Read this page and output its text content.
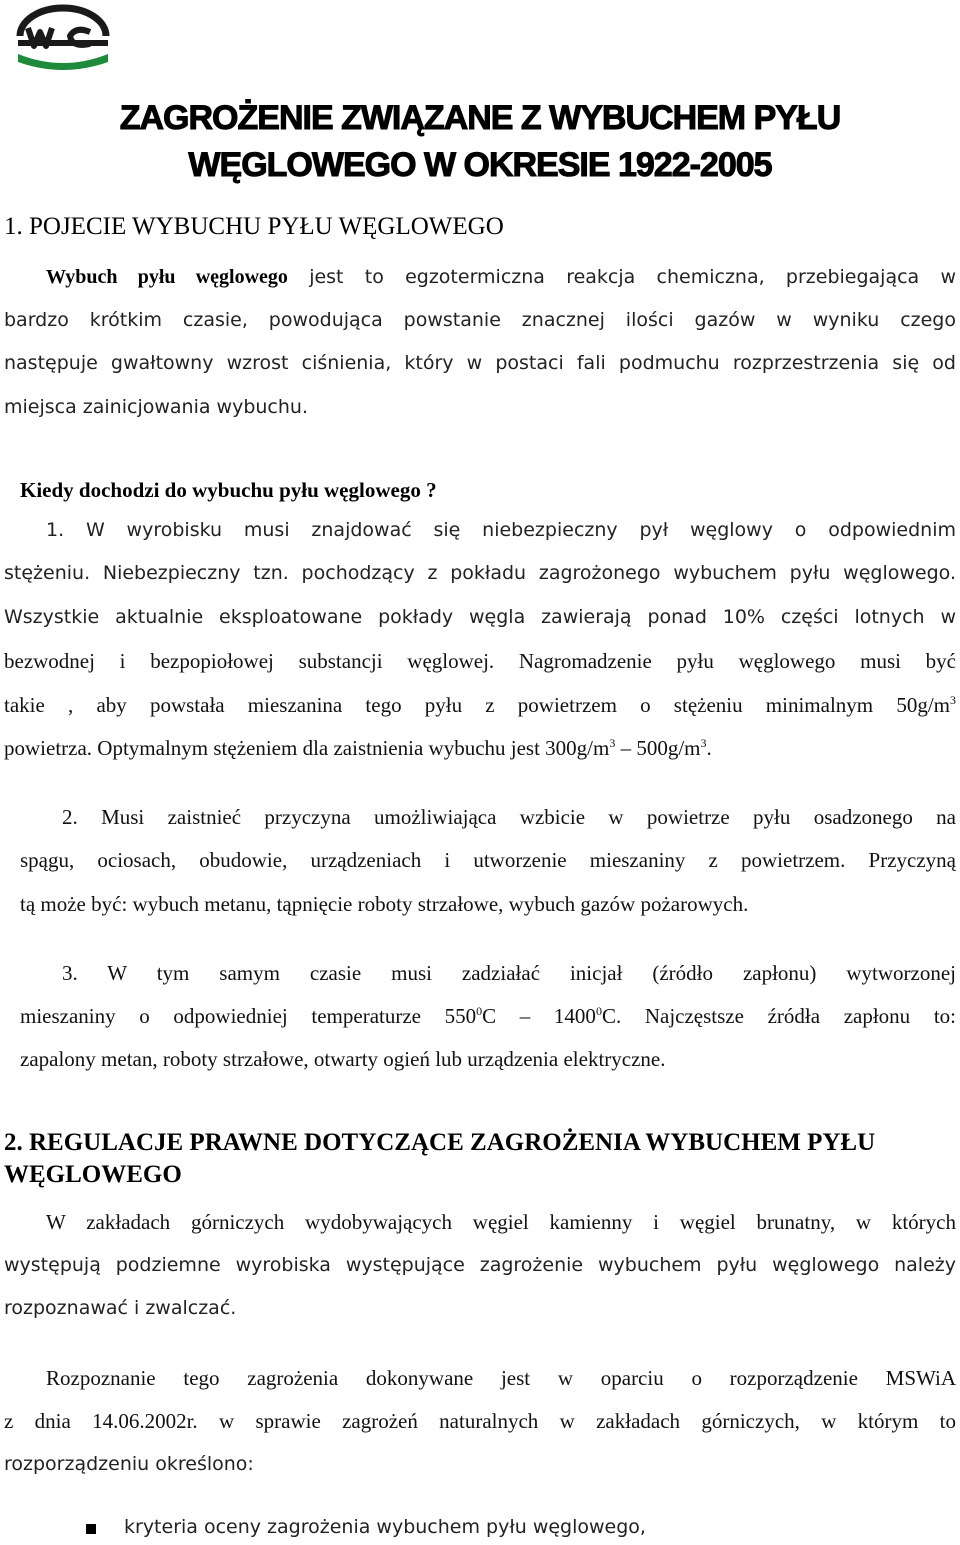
ZAGROŻENIE ZWIĄZANE Z WYBUCHEM PYŁU
WĘGLOWEGO W OKRESIE 1922-2005
1. POJECIE WYBUCHU PYŁU WĘGLOWEGO
Wybuch pyłu węglowego jest to egzotermiczna reakcja chemiczna, przebiegająca w
bardzo krótkim czasie, powodująca powstanie znacznej ilości gazów w wyniku czego
następuje gwałtowny wzrost ciśnienia, który w postaci fali podmuchu rozprzestrzenia się od
miejsca zainicjowania wybuchu.
Kiedy dochodzi do wybuchu pyłu węglowego ?
1. W wyrobisku musi znajdować się niebezpieczny pył węglowy o odpowiednim
stężeniu. Niebezpieczny tzn. pochodzący z pokładu zagrożonego wybuchem pyłu węglowego.
Wszystkie aktualnie eksploatowane pokłady węgla zawierają ponad 10% części lotnych w
bezwodnej i bezpopiołowej substancji węglowej. Nagromadzenie pyłu węglowego musi być
takie , aby powstała mieszanina tego pyłu z powietrzem o stężeniu minimalnym $50g/m^3$
powietrza. Optymalnym stężeniem dla zaistnienia wybuchu jest $300g/m^3 - 500g/m^3$.
2. Musi zaistnieć przyczyna umożliwiająca wzbicie w powietrze pyłu osadzonego na
spągu, ociosach, obudowie, urządzeniach i utworzenie mieszaniny z powietrzem. Przyczyną
tą może być: wybuch metanu, tąpnięcie roboty strzałowe, wybuch gazów pożarowych.
3. W tym samym czasie musi zadziałać inicjał (źródło zapłonu) wytworzonej
mieszaniny o odpowiedniej temperaturze $550^0C - 1400^0C$. Najczęstsze źródła zapłonu to:
zapalony metan, roboty strzałowe, otwarty ogień lub urządzenia elektryczne.
2. REGULACJE PRAWNE DOTYCZĄCE ZAGROŻENIA WYBUCHEM PYŁU
WĘGLOWEGO
W zakładach górniczych wydobywających węgiel kamienny i węgiel brunatny, w których
występują podziemne wyrobiska występujące zagrożenie wybuchem pyłu węglowego należy
rozpoznawać i zwalczać.
Rozpoznanie tego zagrożenia dokonywane jest w oparciu o rozporządzenie MSWiA
z dnia 14.06.2002r. w sprawie zagrożeń naturalnych w zakładach górniczych, w którym to
rozporządzeniu określono:
kryteria oceny zagrożenia wybuchem pyłu węglowego,
